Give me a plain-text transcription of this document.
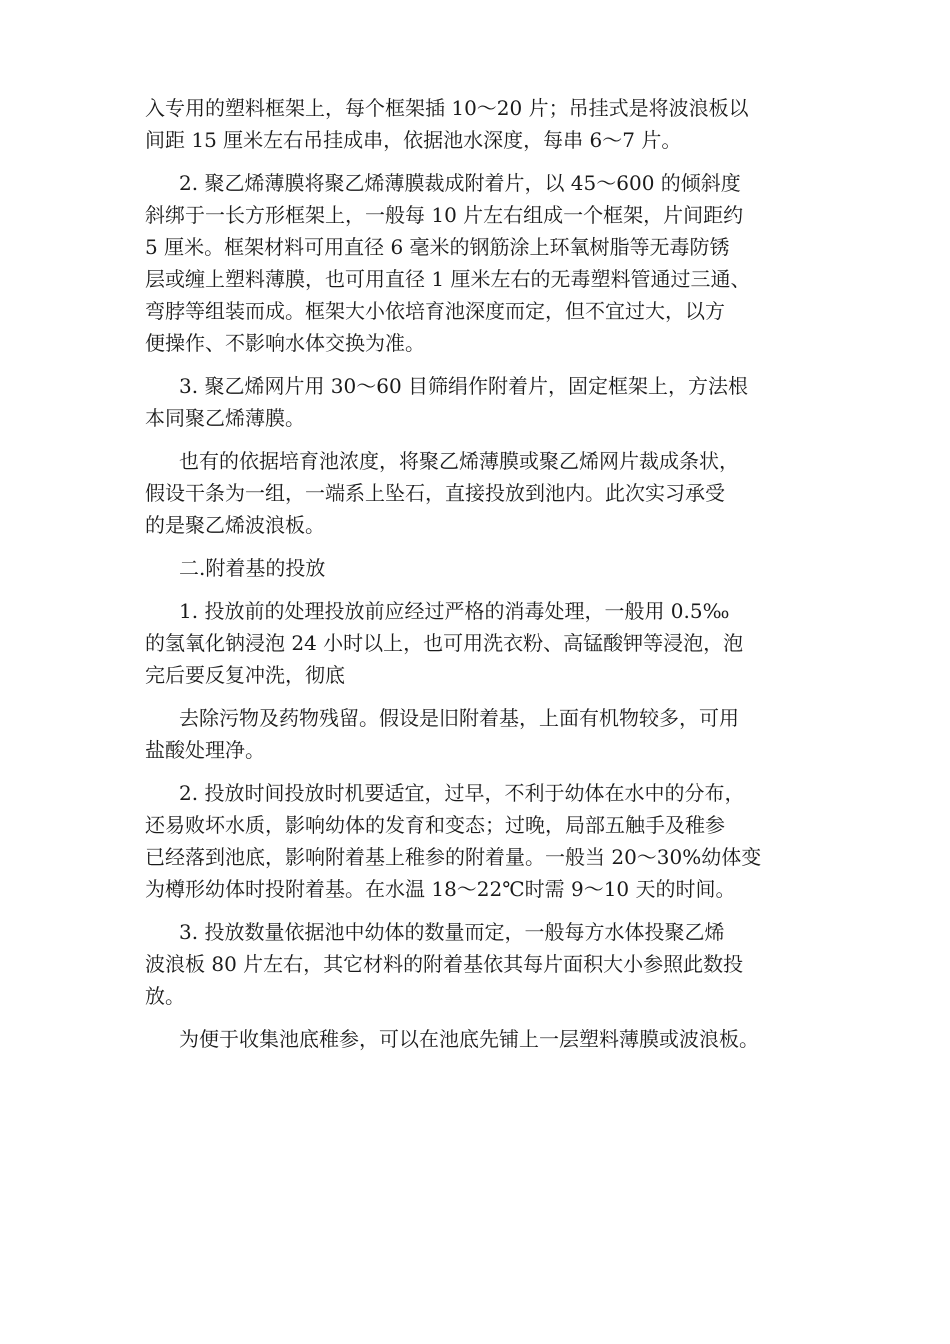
入专用的塑料框架上，每个框架插 10～20 片；吊挂式是将波浪板以
间距 15 厘米左右吊挂成串，依据池水深度，每串 6～7 片。
2. 聚乙烯薄膜将聚乙烯薄膜裁成附着片，以 45～600 的倾斜度
斜绑于一长方形框架上，一般每 10 片左右组成一个框架，片间距约
5 厘米。框架材料可用直径 6 毫米的钢筋涂上环氧树脂等无毒防锈
层或缠上塑料薄膜，也可用直径 1 厘米左右的无毒塑料管通过三通、
弯脖等组装而成。框架大小依培育池深度而定，但不宜过大，以方
便操作、不影响水体交换为准。
3. 聚乙烯网片用 30～60 目筛绢作附着片，固定框架上，方法根
本同聚乙烯薄膜。
也有的依据培育池浓度，将聚乙烯薄膜或聚乙烯网片裁成条状，
假设干条为一组，一端系上坠石，直接投放到池内。此次实习承受
的是聚乙烯波浪板。
二.附着基的投放
1. 投放前的处理投放前应经过严格的消毒处理，一般用 0.5‰
的氢氧化钠浸泡 24 小时以上，也可用洗衣粉、高锰酸钾等浸泡，泡
完后要反复冲洗，彻底
去除污物及药物残留。假设是旧附着基，上面有机物较多，可用
盐酸处理净。
2. 投放时间投放时机要适宜，过早，不利于幼体在水中的分布，
还易败坏水质，影响幼体的发育和变态；过晚，局部五触手及稚参
已经落到池底，影响附着基上稚参的附着量。一般当 20～30%幼体变
为樽形幼体时投附着基。在水温 18～22℃时需 9～10 天的时间。
3. 投放数量依据池中幼体的数量而定，一般每方水体投聚乙烯
波浪板 80 片左右，其它材料的附着基依其每片面积大小参照此数投
放。
为便于收集池底稚参，可以在池底先铺上一层塑料薄膜或波浪板。
